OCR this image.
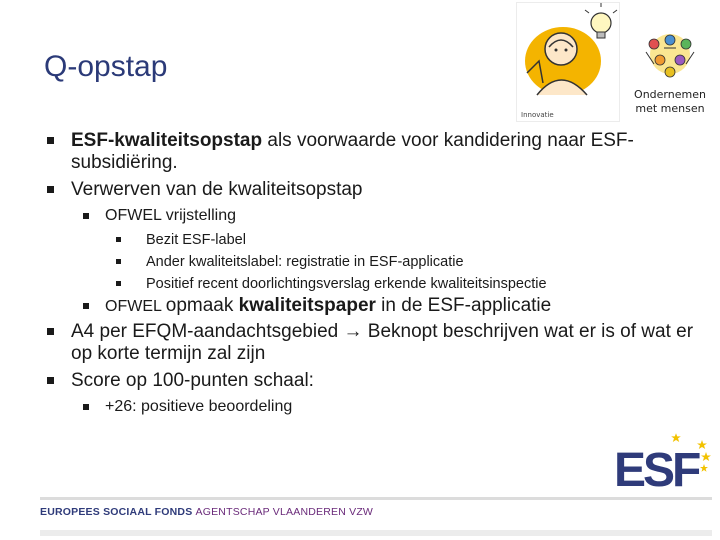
Q-opstap
Innovatie
Ondernemen
met mensen
ESF-kwaliteitsopstap als voorwaarde voor kandidering naar ESF-subsidiëring.
Verwerven van de kwaliteitsopstap
OFWEL vrijstelling
Bezit ESF-label
Ander kwaliteitslabel: registratie in ESF-applicatie
Positief recent doorlichtingsverslag erkende kwaliteitsinspectie
OFWEL opmaak kwaliteitspaper in de ESF-applicatie
A4 per EFQM-aandachtsgebied → Beknopt beschrijven wat er is of wat er op korte termijn zal zijn
Score op 100-punten schaal:
+26: positieve beoordeling
ESF
EUROPEES SOCIAAL FONDS AGENTSCHAP VLAANDEREN VZW
